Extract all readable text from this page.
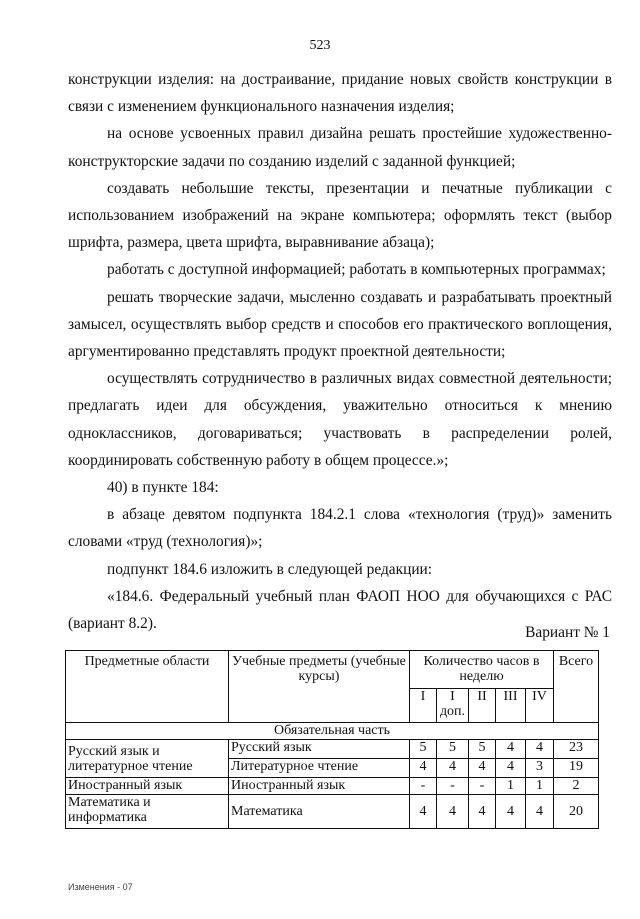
523

конструкции изделия: на достраивание, придание новых свойств конструкции в связи с изменением функционального назначения изделия;

на основе усвоенных правил дизайна решать простейшие художественно-конструкторские задачи по созданию изделий с заданной функцией;

создавать небольшие тексты, презентации и печатные публикации с использованием изображений на экране компьютера; оформлять текст (выбор шрифта, размера, цвета шрифта, выравнивание абзаца);

работать с доступной информацией; работать в компьютерных программах;

решать творческие задачи, мысленно создавать и разрабатывать проектный замысел, осуществлять выбор средств и способов его практического воплощения, аргументированно представлять продукт проектной деятельности;

осуществлять сотрудничество в различных видах совместной деятельности; предлагать идеи для обсуждения, уважительно относиться к мнению одноклассников, договариваться; участвовать в распределении ролей, координировать собственную работу в общем процессе.»;

40) в пункте 184:

в абзаце девятом подпункта 184.2.1 слова «технология (труд)» заменить словами «труд (технология)»;

подпункт 184.6 изложить в следующей редакции:

«184.6. Федеральный учебный план ФАОП НОО для обучающихся с РАС (вариант 8.2).

Вариант № 1
Предметные области	Учебные предметы (учебные курсы)	Количество часов в неделю					Всего
		I	I доп.	II	III	IV	
Обязательная часть							
Русский язык и литературное чтение	Русский язык	5	5	5	4	4	23
	Литературное чтение	4	4	4	4	3	19
Иностранный язык	Иностранный язык	-	-	-	1	1	2
Математика и информатика	Математика	4	4	4	4	4	20
Изменения - 07
